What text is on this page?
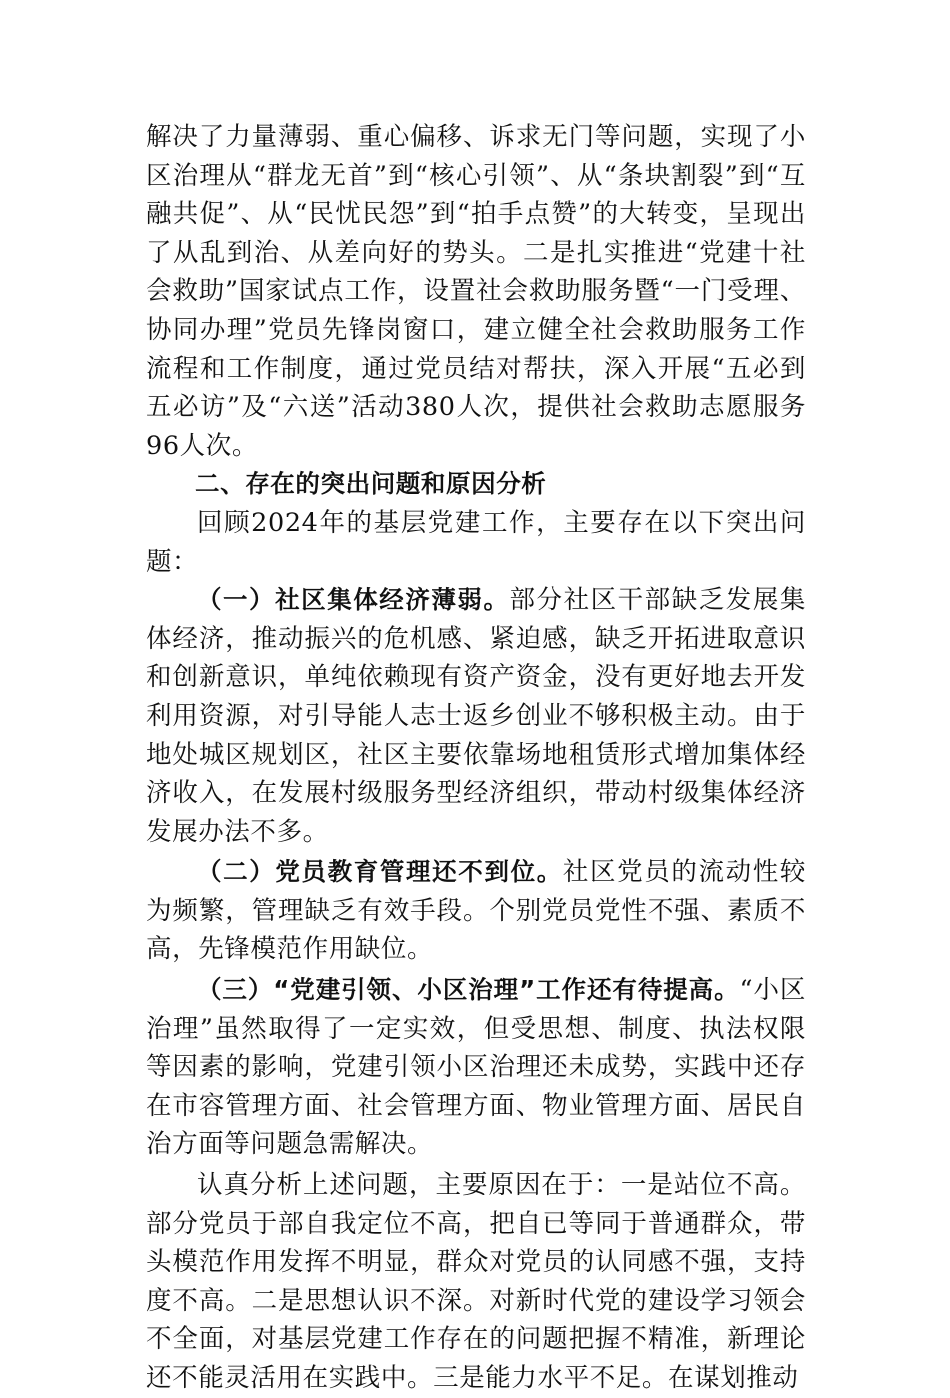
解决了力量薄弱、重心偏移、诉求无门等问题，实现了小区治理从“群龙无首”到“核心引领”、从“条块割裂”到“互融共促”、从“民忧民怨”到“拍手点赞”的大转变，呈现出了从乱到治、从差向好的势头。二是扎实推进“党建十社会救助”国家试点工作，设置社会救助服务暨“一门受理、协同办理”党员先锋岗窗口，建立健全社会救助服务工作流程和工作制度，通过党员结对帮扶，深入开展“五必到五必访”及“六送”活动380人次，提供社会救助志愿服务96人次。

二、存在的突出问题和原因分析

回顾2024年的基层党建工作，主要存在以下突出问题：

（一）社区集体经济薄弱。部分社区干部缺乏发展集体经济，推动振兴的危机感、紧迫感，缺乏开拓进取意识和创新意识，单纯依赖现有资产资金，没有更好地去开发利用资源，对引导能人志士返乡创业不够积极主动。由于地处城区规划区，社区主要依靠场地租赁形式增加集体经济收入，在发展村级服务型经济组织，带动村级集体经济发展办法不多。

（二）党员教育管理还不到位。社区党员的流动性较为频繁，管理缺乏有效手段。个别党员党性不强、素质不高，先锋模范作用缺位。

（三）“党建引领、小区治理”工作还有待提高。“小区治理”虽然取得了一定实效，但受思想、制度、执法权限等因素的影响，党建引领小区治理还未成势，实践中还存在市容管理方面、社会管理方面、物业管理方面、居民自治方面等问题急需解决。

认真分析上述问题，主要原因在于：一是站位不高。部分党员于部自我定位不高，把自已等同于普通群众，带头模范作用发挥不明显，群众对党员的认同感不强，支持度不高。二是思想认识不深。对新时代党的建设学习领会不全面，对基层党建工作存在的问题把握不精准，新理论还不能灵活用在实践中。三是能力水平不足。在谋划推动
